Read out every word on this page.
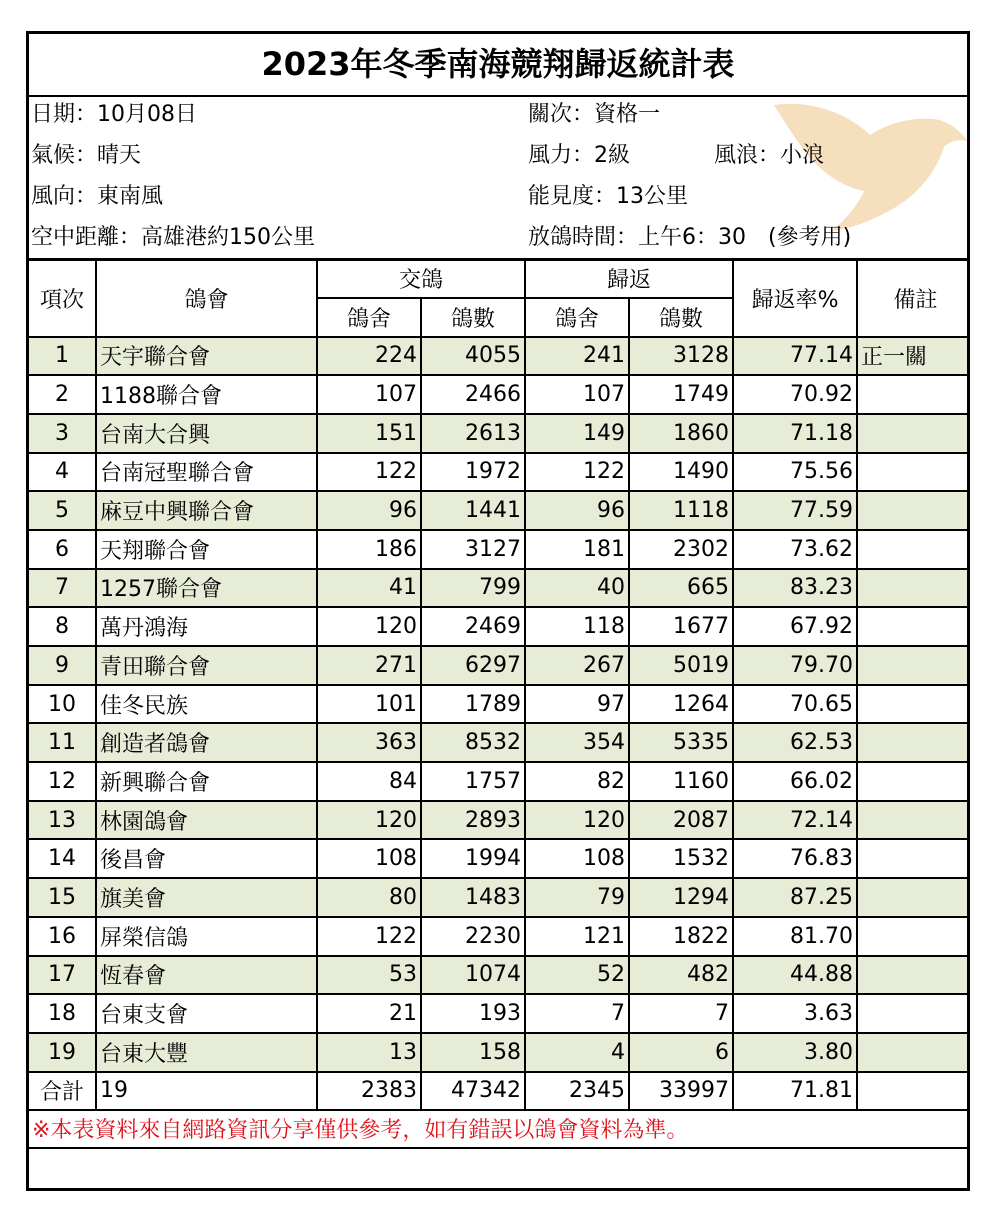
2023年冬季南海競翔歸返統計表
日期：10月08日
氣候：晴天
風向：東南風
空中距離：高雄港約150公里
關次：資格一
風力：2級	風浪：小浪
能見度：13公里
放鴿時間：上午6：30　(參考用)
項次	鴿會	交鴿		歸返		歸返率%	備註
		鴿舍	鴿數	鴿舍	鴿數		
1	天宇聯合會	224	4055	241	3128	77.14	正一關
2	1188聯合會	107	2466	107	1749	70.92	
3	台南大合興	151	2613	149	1860	71.18	
4	台南冠聖聯合會	122	1972	122	1490	75.56	
5	麻豆中興聯合會	96	1441	96	1118	77.59	
6	天翔聯合會	186	3127	181	2302	73.62	
7	1257聯合會	41	799	40	665	83.23	
8	萬丹鴻海	120	2469	118	1677	67.92	
9	青田聯合會	271	6297	267	5019	79.70	
10	佳冬民族	101	1789	97	1264	70.65	
11	創造者鴿會	363	8532	354	5335	62.53	
12	新興聯合會	84	1757	82	1160	66.02	
13	林園鴿會	120	2893	120	2087	72.14	
14	後昌會	108	1994	108	1532	76.83	
15	旗美會	80	1483	79	1294	87.25	
16	屏榮信鴿	122	2230	121	1822	81.70	
17	恆春會	53	1074	52	482	44.88	
18	台東支會	21	193	7	7	3.63	
19	台東大豐	13	158	4	6	3.80	
合計	19	2383	47342	2345	33997	71.81	
※本表資料來自網路資訊分享僅供參考，如有錯誤以鴿會資料為準。							
